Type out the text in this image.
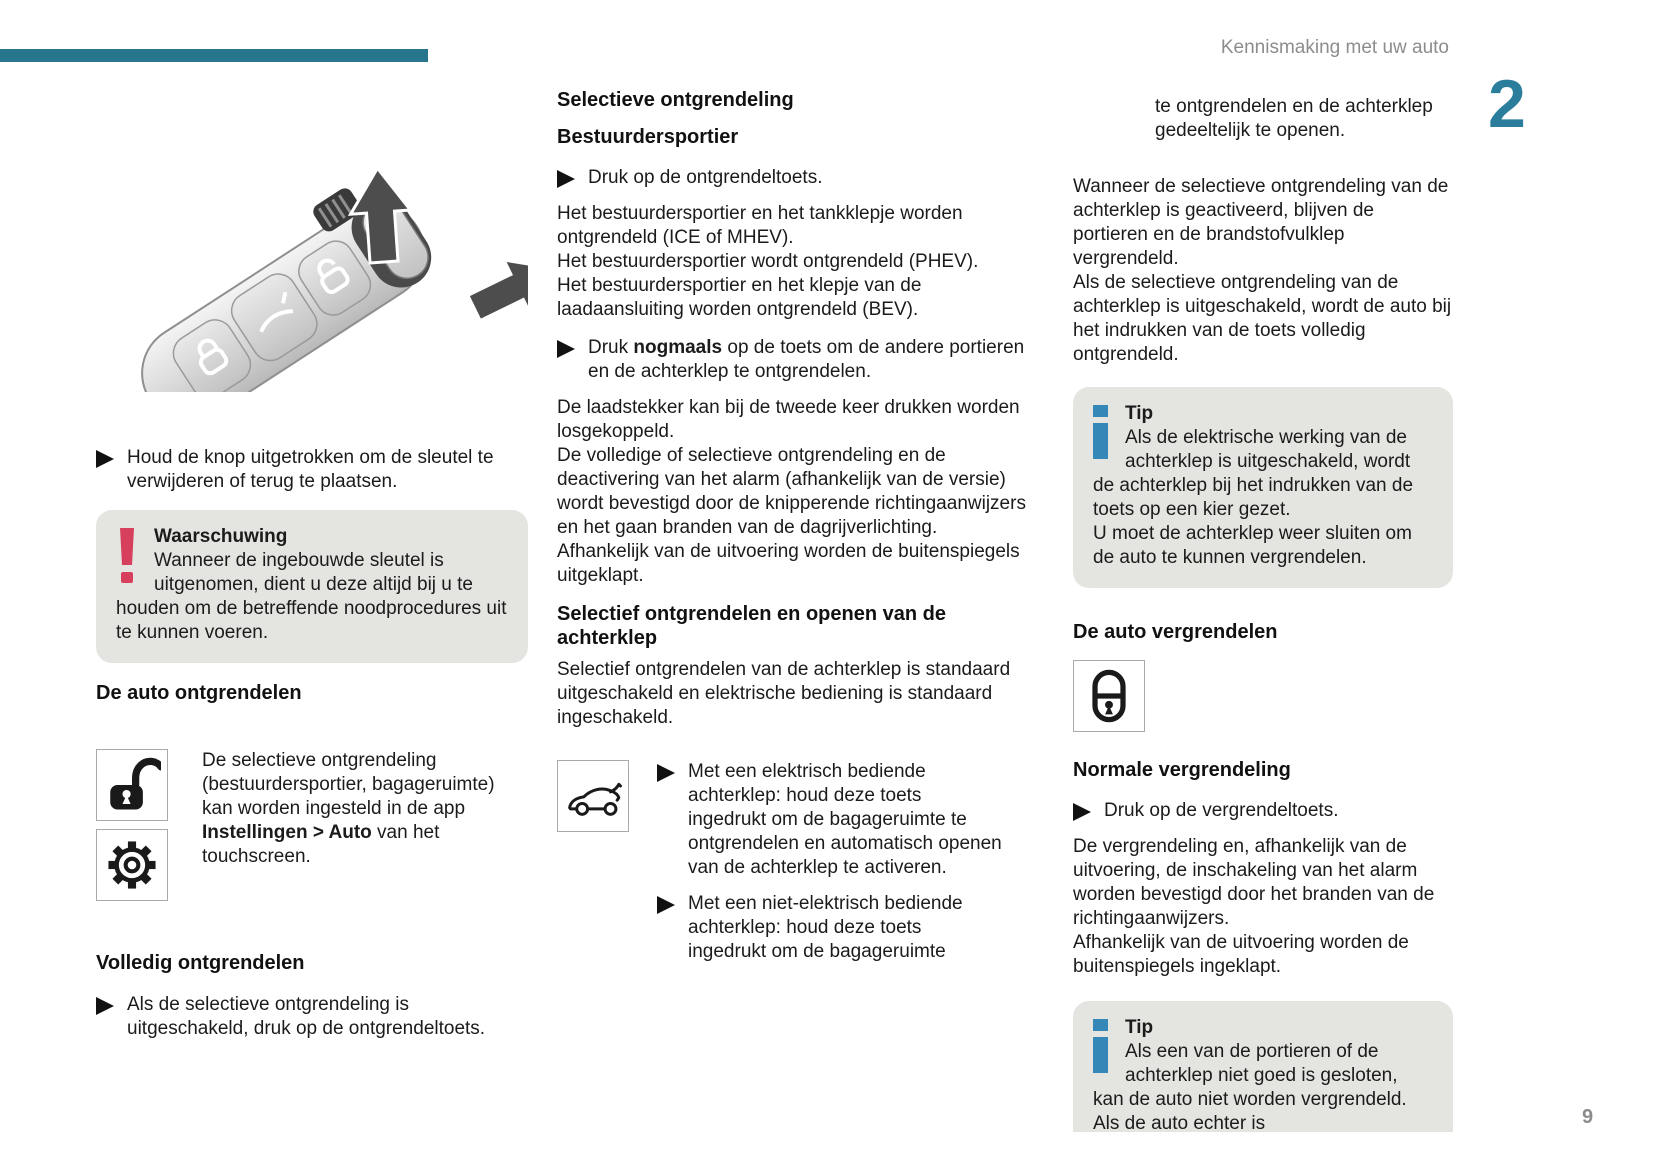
Kennismaking met uw auto
2
Houd de knop uitgetrokken om de sleutel te verwijderen of terug te plaatsen.
Waarschuwing
Wanneer de ingebouwde sleutel is uitgenomen, dient u deze altijd bij u te houden om de betreffende noodprocedures uit te kunnen voeren.
De auto ontgrendelen
De selectieve ontgrendeling (bestuurdersportier, bagageruimte) kan worden ingesteld in de app Instellingen > Auto van het touchscreen.
Volledig ontgrendelen
Als de selectieve ontgrendeling is uitgeschakeld, druk op de ontgrendeltoets.
Selectieve ontgrendeling
Bestuurdersportier
Druk op de ontgrendeltoets.
Het bestuurdersportier en het tankklepje worden ontgrendeld (ICE of MHEV).
Het bestuurdersportier wordt ontgrendeld (PHEV).
Het bestuurdersportier en het klepje van de laadaansluiting worden ontgrendeld (BEV).
Druk nogmaals op de toets om de andere portieren en de achterklep te ontgrendelen.
De laadstekker kan bij de tweede keer drukken worden losgekoppeld.
De volledige of selectieve ontgrendeling en de deactivering van het alarm (afhankelijk van de versie) wordt bevestigd door de knipperende richtingaanwijzers en het gaan branden van de dagrijverlichting.
Afhankelijk van de uitvoering worden de buitenspiegels uitgeklapt.
Selectief ontgrendelen en openen van de achterklep
Selectief ontgrendelen van de achterklep is standaard uitgeschakeld en elektrische bediening is standaard ingeschakeld.
Met een elektrisch bediende achterklep: houd deze toets ingedrukt om de bagageruimte te ontgrendelen en automatisch openen van de achterklep te activeren.
Met een niet-elektrisch bediende achterklep: houd deze toets ingedrukt om de bagageruimte
te ontgrendelen en de achterklep gedeeltelijk te openen.
Wanneer de selectieve ontgrendeling van de achterklep is geactiveerd, blijven de portieren en de brandstofvulklep vergrendeld.
Als de selectieve ontgrendeling van de achterklep is uitgeschakeld, wordt de auto bij het indrukken van de toets volledig ontgrendeld.
Tip
Als de elektrische werking van de achterklep is uitgeschakeld, wordt de achterklep bij het indrukken van de toets op een kier gezet.
U moet de achterklep weer sluiten om de auto te kunnen vergrendelen.
De auto vergrendelen
Normale vergrendeling
Druk op de vergrendeltoets.
De vergrendeling en, afhankelijk van de uitvoering, de inschakeling van het alarm worden bevestigd door het branden van de richtingaanwijzers.
Afhankelijk van de uitvoering worden de buitenspiegels ingeklapt.
Tip
Als een van de portieren of de achterklep niet goed is gesloten, kan de auto niet worden vergrendeld. Als de auto echter is	9
